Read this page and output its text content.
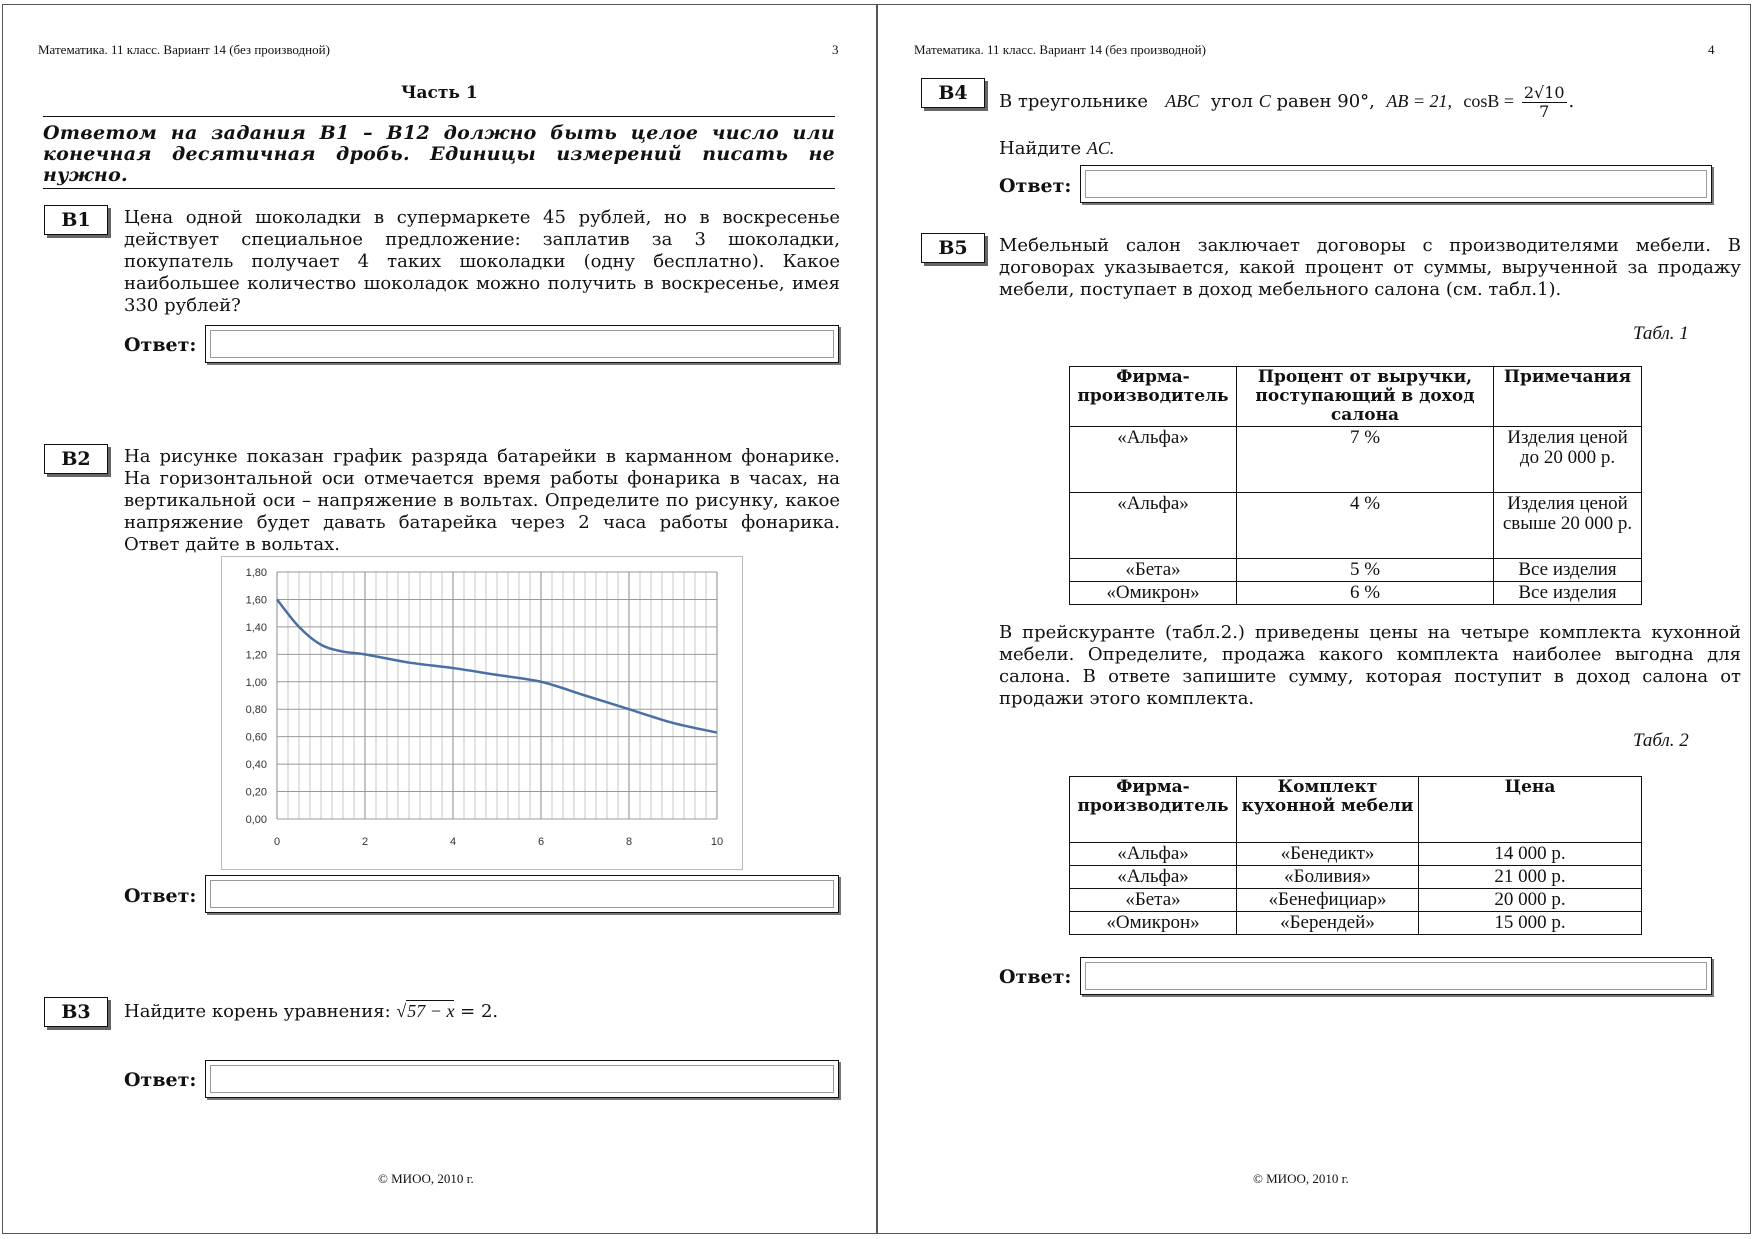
Математика. 11 класс. Вариант 14 (без производной)	3
Часть 1
Ответом на задания В1 – В12 должно быть целое число или конечная десятичная дробь. Единицы измерений писать не нужно.
B1	Цена одной шоколадки в супермаркете 45 рублей, но в воскресенье действует специальное предложение: заплатив за 3 шоколадки, покупатель получает 4 таких шоколадки (одну бесплатно). Какое наибольшее количество шоколадок можно получить в воскресенье, имея 330 рублей?
Ответ:
B2	На рисунке показан график разряда батарейки в карманном фонарике. На горизонтальной оси отмечается время работы фонарика в часах, на вертикальной оси – напряжение в вольтах. Определите по рисунку, какое напряжение будет давать батарейка через 2 часа работы фонарика. Ответ дайте в вольтах.
0,00
0,20
0,40
0,60
0,80
1,00
1,20
1,40
1,60
1,80
0	2	4	6	8	10
Ответ:
B3	Найдите корень уравнения: √57 − x = 2.
Ответ:
© МИОО, 2010 г.
Математика. 11 класс. Вариант 14 (без производной)	4
B4	В треугольнике ABC угол C равен 90°, AB = 21, $\cos B = \frac{2√10}{7}$ .
Найдите AC.
Ответ:
B5	Мебельный салон заключает договоры с производителями мебели. В договорах указывается, какой процент от суммы, вырученной за продажу мебели, поступает в доход мебельного салона (см. табл.1).
Табл. 1
Фирма-производитель	Процент от выручки, поступающий в доход салона	Примечания
«Альфа»	7 %	Изделия ценой до 20 000 р.
«Альфа»	4 %	Изделия ценой свыше 20 000 р.
«Бета»	5 %	Все изделия
«Омикрон»	6 %	Все изделия
В прейскуранте (табл.2.) приведены цены на четыре комплекта кухонной мебели. Определите, продажа какого комплекта наиболее выгодна для салона. В ответе запишите сумму, которая поступит в доход салона от продажи этого комплекта.
Табл. 2
Фирма-производитель	Комплект кухонной мебели	Цена
«Альфа»	«Бенедикт»	14 000 р.
«Альфа»	«Боливия»	21 000 р.
«Бета»	«Бенефициар»	20 000 р.
«Омикрон»	«Берендей»	15 000 р.
Ответ:
© МИОО, 2010 г.
